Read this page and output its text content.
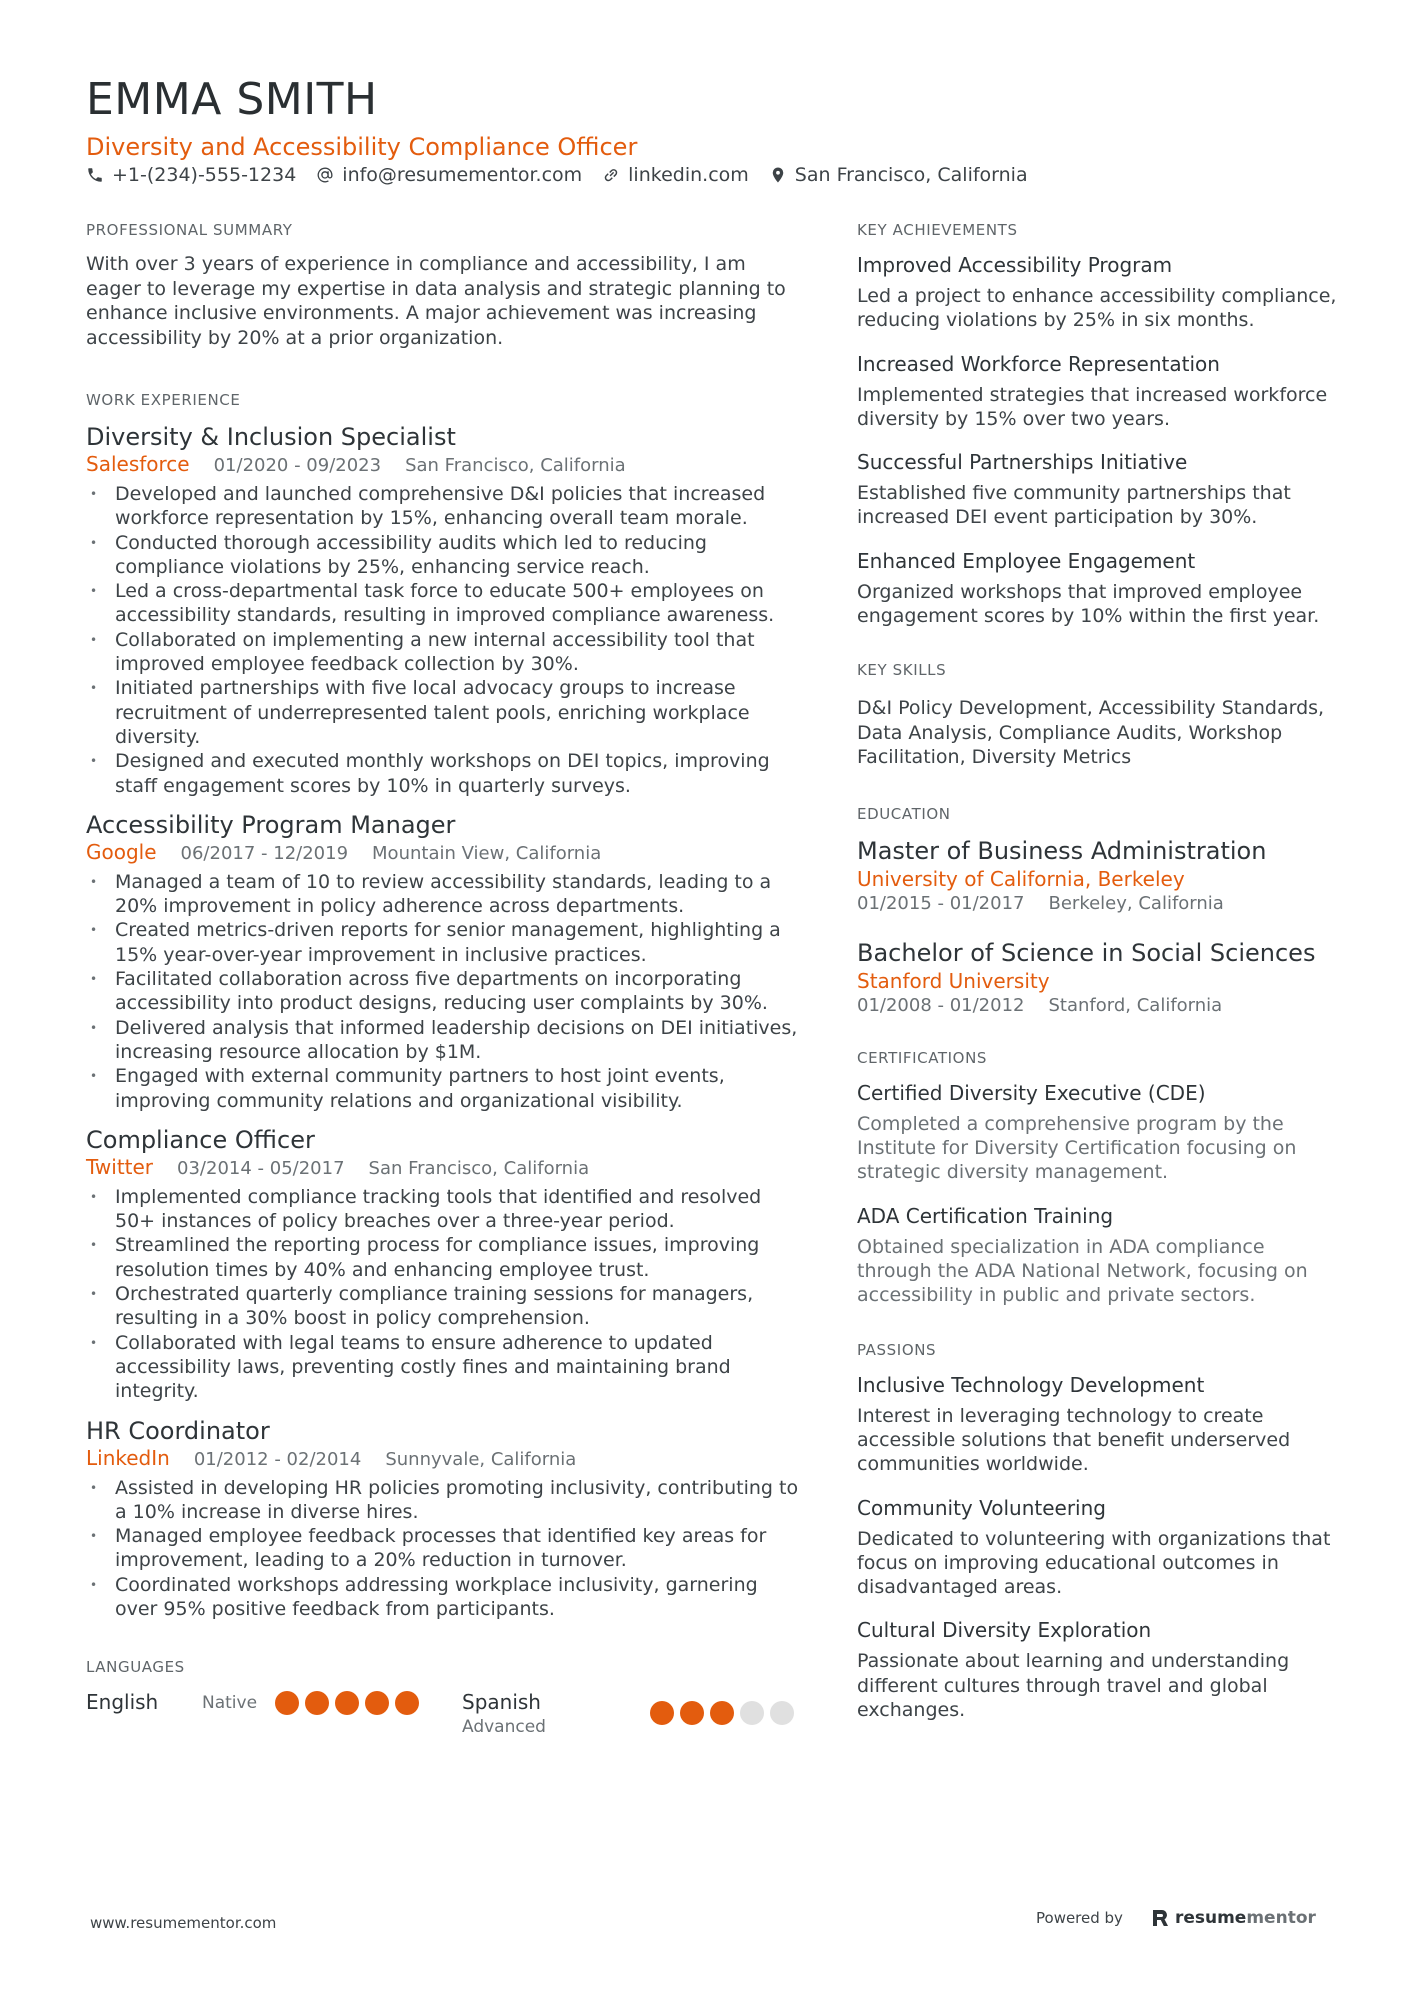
EMMA SMITH
Diversity and Accessibility Compliance Officer
+1-(234)-555-1234 info@resumementor.com linkedin.com San Francisco, California
PROFESSIONAL SUMMARY
With over 3 years of experience in compliance and accessibility, I am eager to leverage my expertise in data analysis and strategic planning to enhance inclusive environments. A major achievement was increasing accessibility by 20% at a prior organization.
WORK EXPERIENCE
Diversity & Inclusion Specialist
Salesforce 01/2020 - 09/2023 San Francisco, California
• Developed and launched comprehensive D&I policies that increased workforce representation by 15%, enhancing overall team morale.
• Conducted thorough accessibility audits which led to reducing compliance violations by 25%, enhancing service reach.
• Led a cross-departmental task force to educate 500+ employees on accessibility standards, resulting in improved compliance awareness.
• Collaborated on implementing a new internal accessibility tool that improved employee feedback collection by 30%.
• Initiated partnerships with five local advocacy groups to increase recruitment of underrepresented talent pools, enriching workplace diversity.
• Designed and executed monthly workshops on DEI topics, improving staff engagement scores by 10% in quarterly surveys.
Accessibility Program Manager
Google 06/2017 - 12/2019 Mountain View, California
• Managed a team of 10 to review accessibility standards, leading to a 20% improvement in policy adherence across departments.
• Created metrics-driven reports for senior management, highlighting a 15% year-over-year improvement in inclusive practices.
• Facilitated collaboration across five departments on incorporating accessibility into product designs, reducing user complaints by 30%.
• Delivered analysis that informed leadership decisions on DEI initiatives, increasing resource allocation by $1M.
• Engaged with external community partners to host joint events, improving community relations and organizational visibility.
Compliance Officer
Twitter 03/2014 - 05/2017 San Francisco, California
• Implemented compliance tracking tools that identified and resolved 50+ instances of policy breaches over a three-year period.
• Streamlined the reporting process for compliance issues, improving resolution times by 40% and enhancing employee trust.
• Orchestrated quarterly compliance training sessions for managers, resulting in a 30% boost in policy comprehension.
• Collaborated with legal teams to ensure adherence to updated accessibility laws, preventing costly fines and maintaining brand integrity.
HR Coordinator
LinkedIn 01/2012 - 02/2014 Sunnyvale, California
• Assisted in developing HR policies promoting inclusivity, contributing to a 10% increase in diverse hires.
• Managed employee feedback processes that identified key areas for improvement, leading to a 20% reduction in turnover.
• Coordinated workshops addressing workplace inclusivity, garnering over 95% positive feedback from participants.
LANGUAGES
English	Native	Spanish
Advanced
KEY ACHIEVEMENTS
Improved Accessibility Program
Led a project to enhance accessibility compliance, reducing violations by 25% in six months.
Increased Workforce Representation
Implemented strategies that increased workforce diversity by 15% over two years.
Successful Partnerships Initiative
Established five community partnerships that increased DEI event participation by 30%.
Enhanced Employee Engagement
Organized workshops that improved employee engagement scores by 10% within the first year.
KEY SKILLS
D&I Policy Development, Accessibility Standards, Data Analysis, Compliance Audits, Workshop Facilitation, Diversity Metrics
EDUCATION
Master of Business Administration
University of California, Berkeley
01/2015 - 01/2017 Berkeley, California
Bachelor of Science in Social Sciences
Stanford University
01/2008 - 01/2012 Stanford, California
CERTIFICATIONS
Certified Diversity Executive (CDE)
Completed a comprehensive program by the Institute for Diversity Certification focusing on strategic diversity management.
ADA Certification Training
Obtained specialization in ADA compliance through the ADA National Network, focusing on accessibility in public and private sectors.
PASSIONS
Inclusive Technology Development
Interest in leveraging technology to create accessible solutions that benefit underserved communities worldwide.
Community Volunteering
Dedicated to volunteering with organizations that focus on improving educational outcomes in disadvantaged areas.
Cultural Diversity Exploration
Passionate about learning and understanding different cultures through travel and global exchanges.
www.resumementor.com	Powered by	resumementor
